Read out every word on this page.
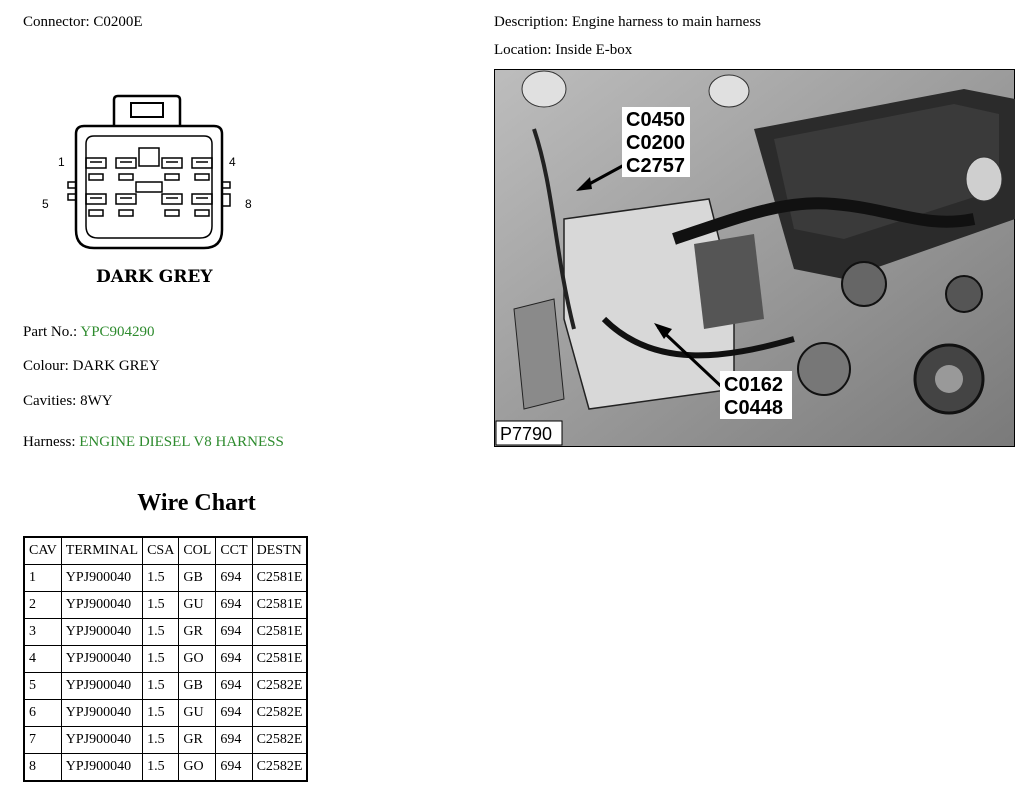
Connector: C0200E	Description: Engine harness to main harness
Location: Inside E-box
1	4
5	8
DARK GREY
Part No.: YPC904290
Colour: DARK GREY
Cavities: 8WY
Harness: ENGINE DIESEL V8 HARNESS
C0450
C0200
C2757
C0162
C0448
P7790
Wire Chart
CAV	TERMINAL	CSA	COL	CCT	DESTN
1	YPJ900040	1.5	GB	694	C2581E
2	YPJ900040	1.5	GU	694	C2581E
3	YPJ900040	1.5	GR	694	C2581E
4	YPJ900040	1.5	GO	694	C2581E
5	YPJ900040	1.5	GB	694	C2582E
6	YPJ900040	1.5	GU	694	C2582E
7	YPJ900040	1.5	GR	694	C2582E
8	YPJ900040	1.5	GO	694	C2582E
